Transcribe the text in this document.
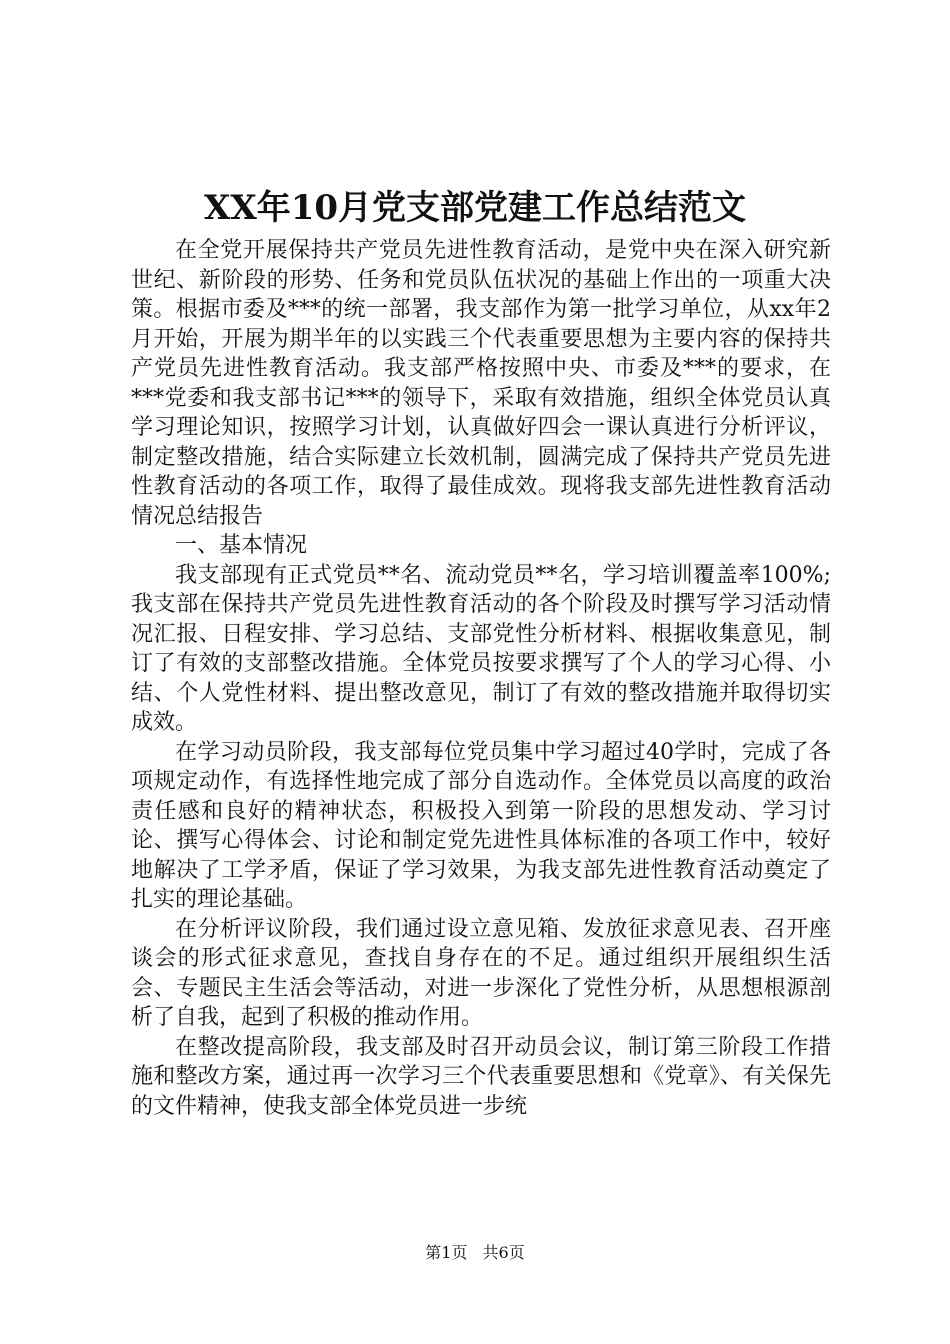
XX年10月党支部党建工作总结范文

在全党开展保持共产党员先进性教育活动，是党中央在深入研究新世纪、新阶段的形势、任务和党员队伍状况的基础上作出的一项重大决策。根据市委及***的统一部署，我支部作为第一批学习单位，从xx年2月开始，开展为期半年的以实践三个代表重要思想为主要内容的保持共产党员先进性教育活动。我支部严格按照中央、市委及***的要求，在***党委和我支部书记***的领导下，采取有效措施，组织全体党员认真学习理论知识，按照学习计划，认真做好四会一课认真进行分析评议，制定整改措施，结合实际建立长效机制，圆满完成了保持共产党员先进性教育活动的各项工作，取得了最佳成效。现将我支部先进性教育活动情况总结报告

一、基本情况

我支部现有正式党员**名、流动党员**名，学习培训覆盖率100%;我支部在保持共产党员先进性教育活动的各个阶段及时撰写学习活动情况汇报、日程安排、学习总结、支部党性分析材料、根据收集意见，制订了有效的支部整改措施。全体党员按要求撰写了个人的学习心得、小结、个人党性材料、提出整改意见，制订了有效的整改措施并取得切实成效。

在学习动员阶段，我支部每位党员集中学习超过40学时，完成了各项规定动作，有选择性地完成了部分自选动作。全体党员以高度的政治责任感和良好的精神状态，积极投入到第一阶段的思想发动、学习讨论、撰写心得体会、讨论和制定党先进性具体标准的各项工作中，较好地解决了工学矛盾，保证了学习效果，为我支部先进性教育活动奠定了扎实的理论基础。

在分析评议阶段，我们通过设立意见箱、发放征求意见表、召开座谈会的形式征求意见，查找自身存在的不足。通过组织开展组织生活会、专题民主生活会等活动，对进一步深化了党性分析，从思想根源剖析了自我，起到了积极的推动作用。

在整改提高阶段，我支部及时召开动员会议，制订第三阶段工作措施和整改方案，通过再一次学习三个代表重要思想和《党章》、有关保先的文件精神，使我支部全体党员进一步统

第1页 共6页
